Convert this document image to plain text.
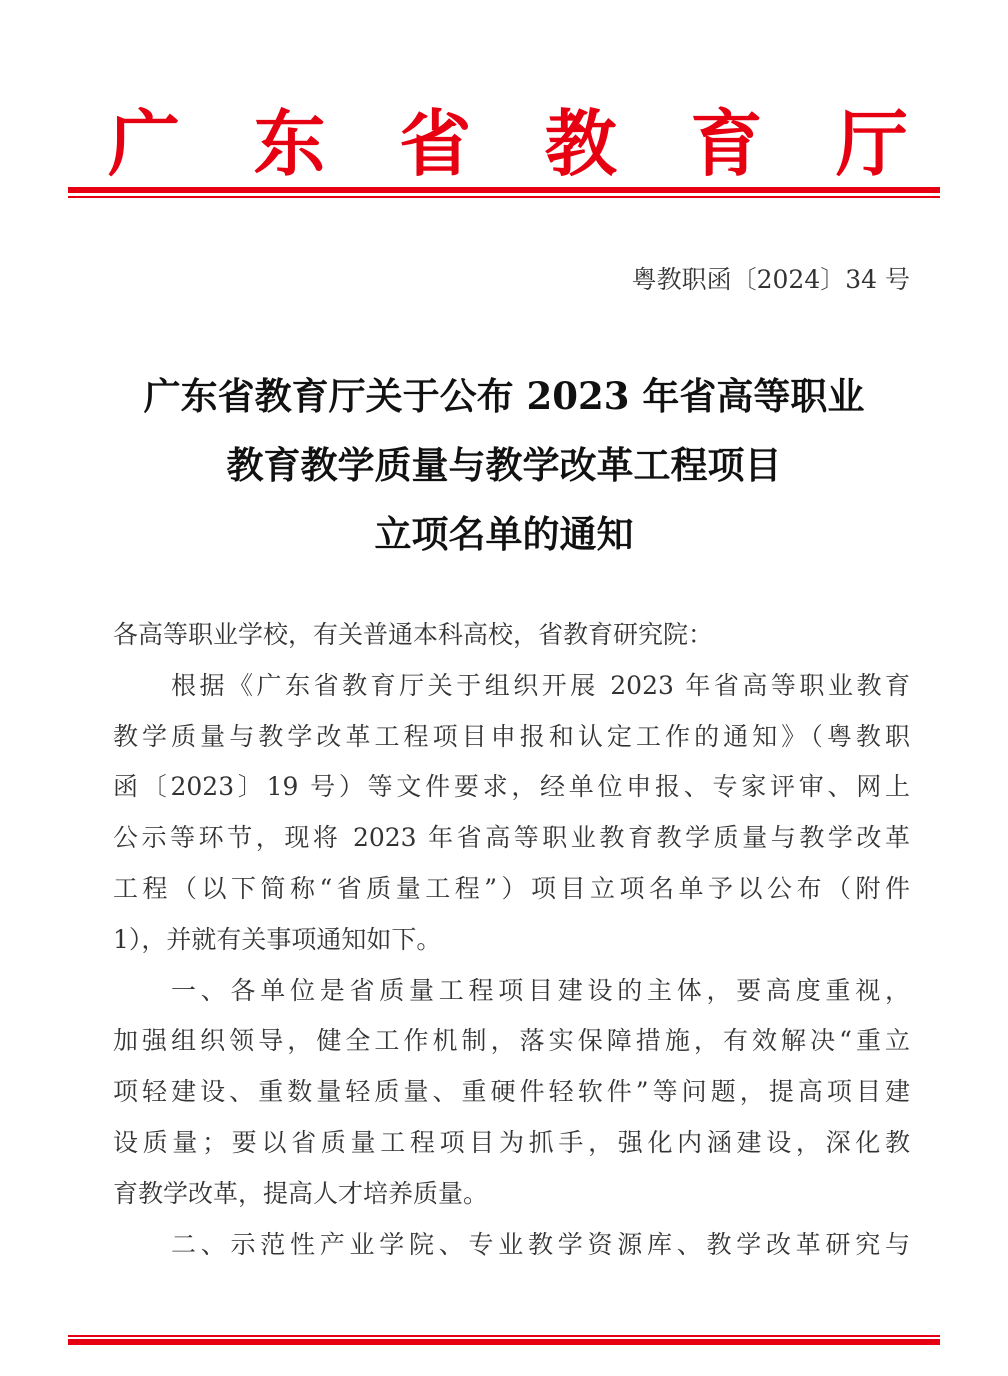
广 东 省 教 育 厅
粤教职函〔2024〕34 号
广东省教育厅关于公布 2023 年省高等职业
教育教学质量与教学改革工程项目
立项名单的通知
各高等职业学校，有关普通本科高校，省教育研究院：
根据《广东省教育厅关于组织开展 2023 年省高等职业教育
教学质量与教学改革工程项目申报和认定工作的通知》（粤教职
函〔2023〕19 号）等文件要求，经单位申报、专家评审、网上
公示等环节，现将 2023 年省高等职业教育教学质量与教学改革
工程（以下简称“省质量工程”）项目立项名单予以公布（附件
1），并就有关事项通知如下。
一、各单位是省质量工程项目建设的主体，要高度重视，
加强组织领导，健全工作机制，落实保障措施，有效解决“重立
项轻建设、重数量轻质量、重硬件轻软件”等问题，提高项目建
设质量；要以省质量工程项目为抓手，强化内涵建设，深化教
育教学改革，提高人才培养质量。
二、示范性产业学院、专业教学资源库、教学改革研究与
